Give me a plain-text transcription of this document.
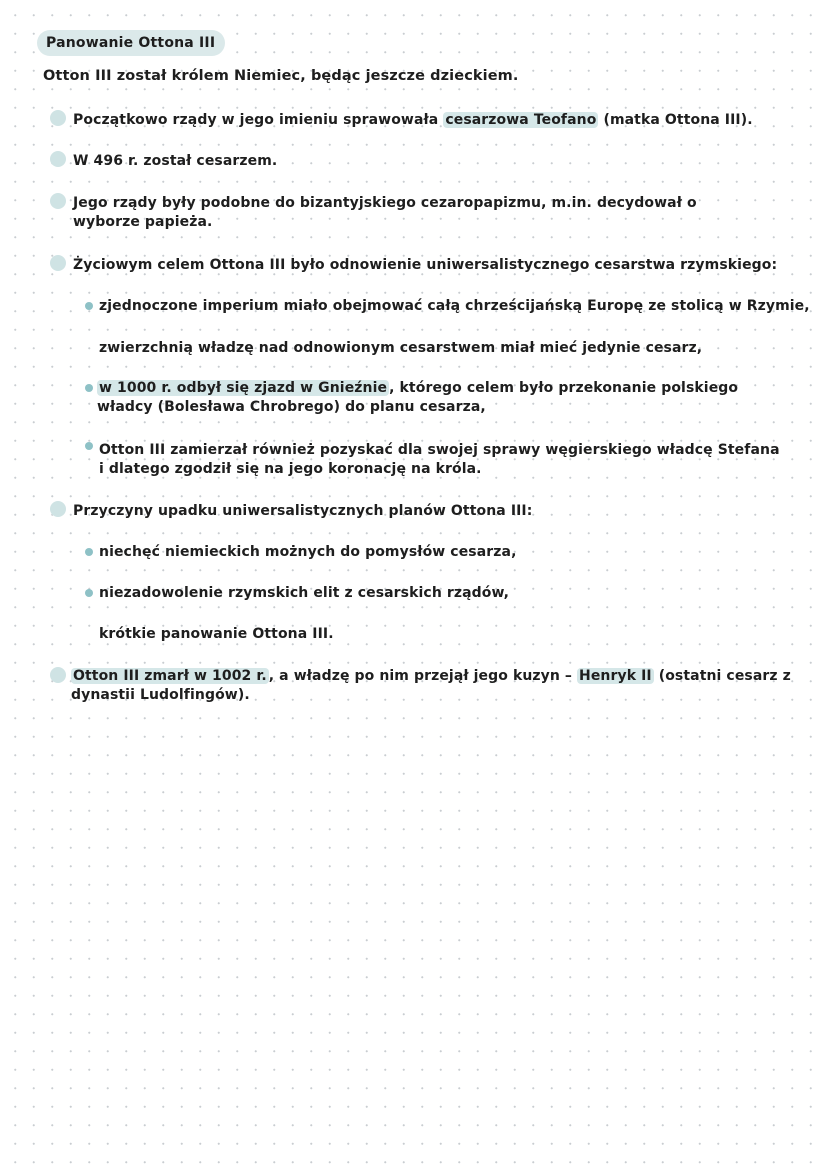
Panowanie Ottona III
Otton III został królem Niemiec, będąc jeszcze dzieckiem.
Początkowo rządy w jego imieniu sprawowała cesarzowa Teofano (matka Ottona III).
W 496 r. został cesarzem.
Jego rządy były podobne do bizantyjskiego cezaropapizmu, m.in. decydował o wyborze papieża.
Życiowym celem Ottona III było odnowienie uniwersalistycznego cesarstwa rzymskiego:
zjednoczone imperium miało obejmować całą chrześcijańską Europę ze stolicą w Rzymie,
zwierzchnią władzę nad odnowionym cesarstwem miał mieć jedynie cesarz,
w 1000 r. odbył się zjazd w Gnieźnie , którego celem było przekonanie polskiego władcy (Bolesława Chrobrego) do planu cesarza,
Otton III zamierzał również pozyskać dla swojej sprawy węgierskiego władcę Stefana i dlatego zgodził się na jego koronację na króla.
Przyczyny upadku uniwersalistycznych planów Ottona III:
niechęć niemieckich możnych do pomysłów cesarza,
niezadowolenie rzymskich elit z cesarskich rządów,
krótkie panowanie Ottona III.
Otton III zmarł w 1002 r. , a władzę po nim przejął jego kuzyn – Henryk II (ostatni cesarz z dynastii Ludolfingów).
